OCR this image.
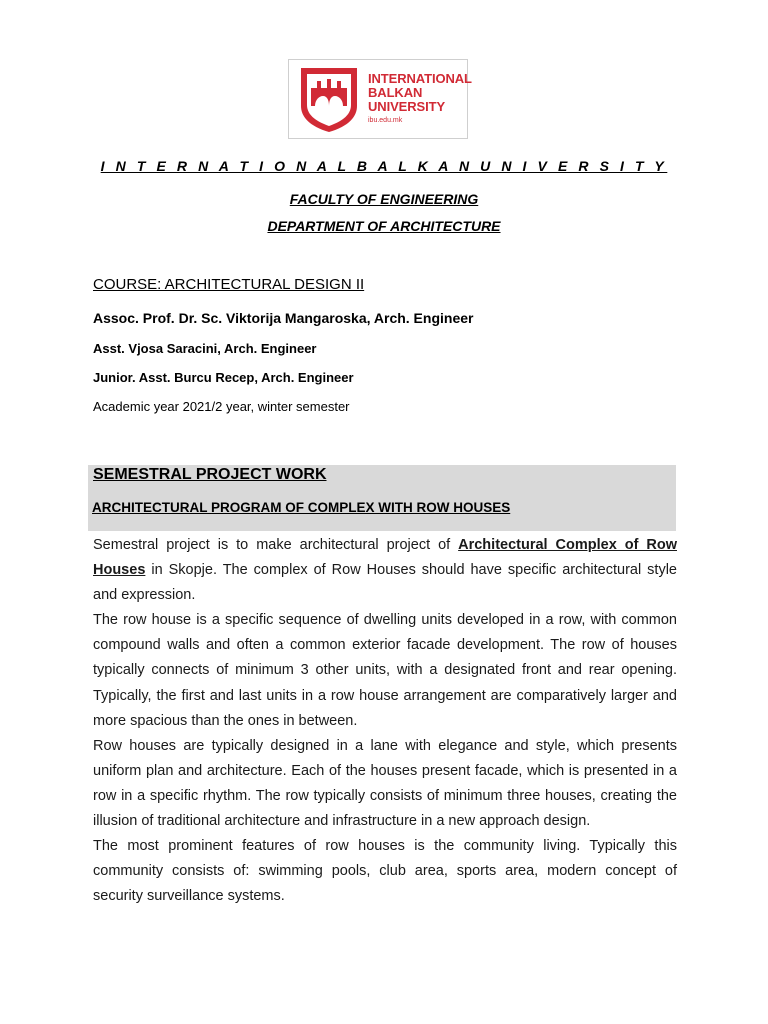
INTERNATIONAL
BALKAN
UNIVERSITY
ibu.edu.mk
I N T E R N A T I O N A L B A L K A N U N I V E R S I T Y
FACULTY OF ENGINEERING
DEPARTMENT OF ARCHITECTURE
COURSE: ARCHITECTURAL DESIGN II
Assoc. Prof. Dr. Sc. Viktorija Mangaroska, Arch. Engineer
Asst. Vjosa Saracini, Arch. Engineer
Junior. Asst. Burcu Recep, Arch. Engineer
Academic year 2021/2 year, winter semester
SEMESTRAL PROJECT WORK
ARCHITECTURAL PROGRAM OF COMPLEX WITH ROW HOUSES

Semestral project is to make architectural project of Architectural Complex of Row Houses in Skopje. The complex of Row Houses should have specific architectural style and expression.

The row house is a specific sequence of dwelling units developed in a row, with common compound walls and often a common exterior facade development. The row of houses typically connects of minimum 3 other units, with a designated front and rear opening. Typically, the first and last units in a row house arrangement are comparatively larger and more spacious than the ones in between.

Row houses are typically designed in a lane with elegance and style, which presents uniform plan and architecture. Each of the houses present facade, which is presented in a row in a specific rhythm. The row typically consists of minimum three houses, creating the illusion of traditional architecture and infrastructure in a new approach design.

The most prominent features of row houses is the community living. Typically this community consists of: swimming pools, club area, sports area, modern concept of security surveillance systems.
